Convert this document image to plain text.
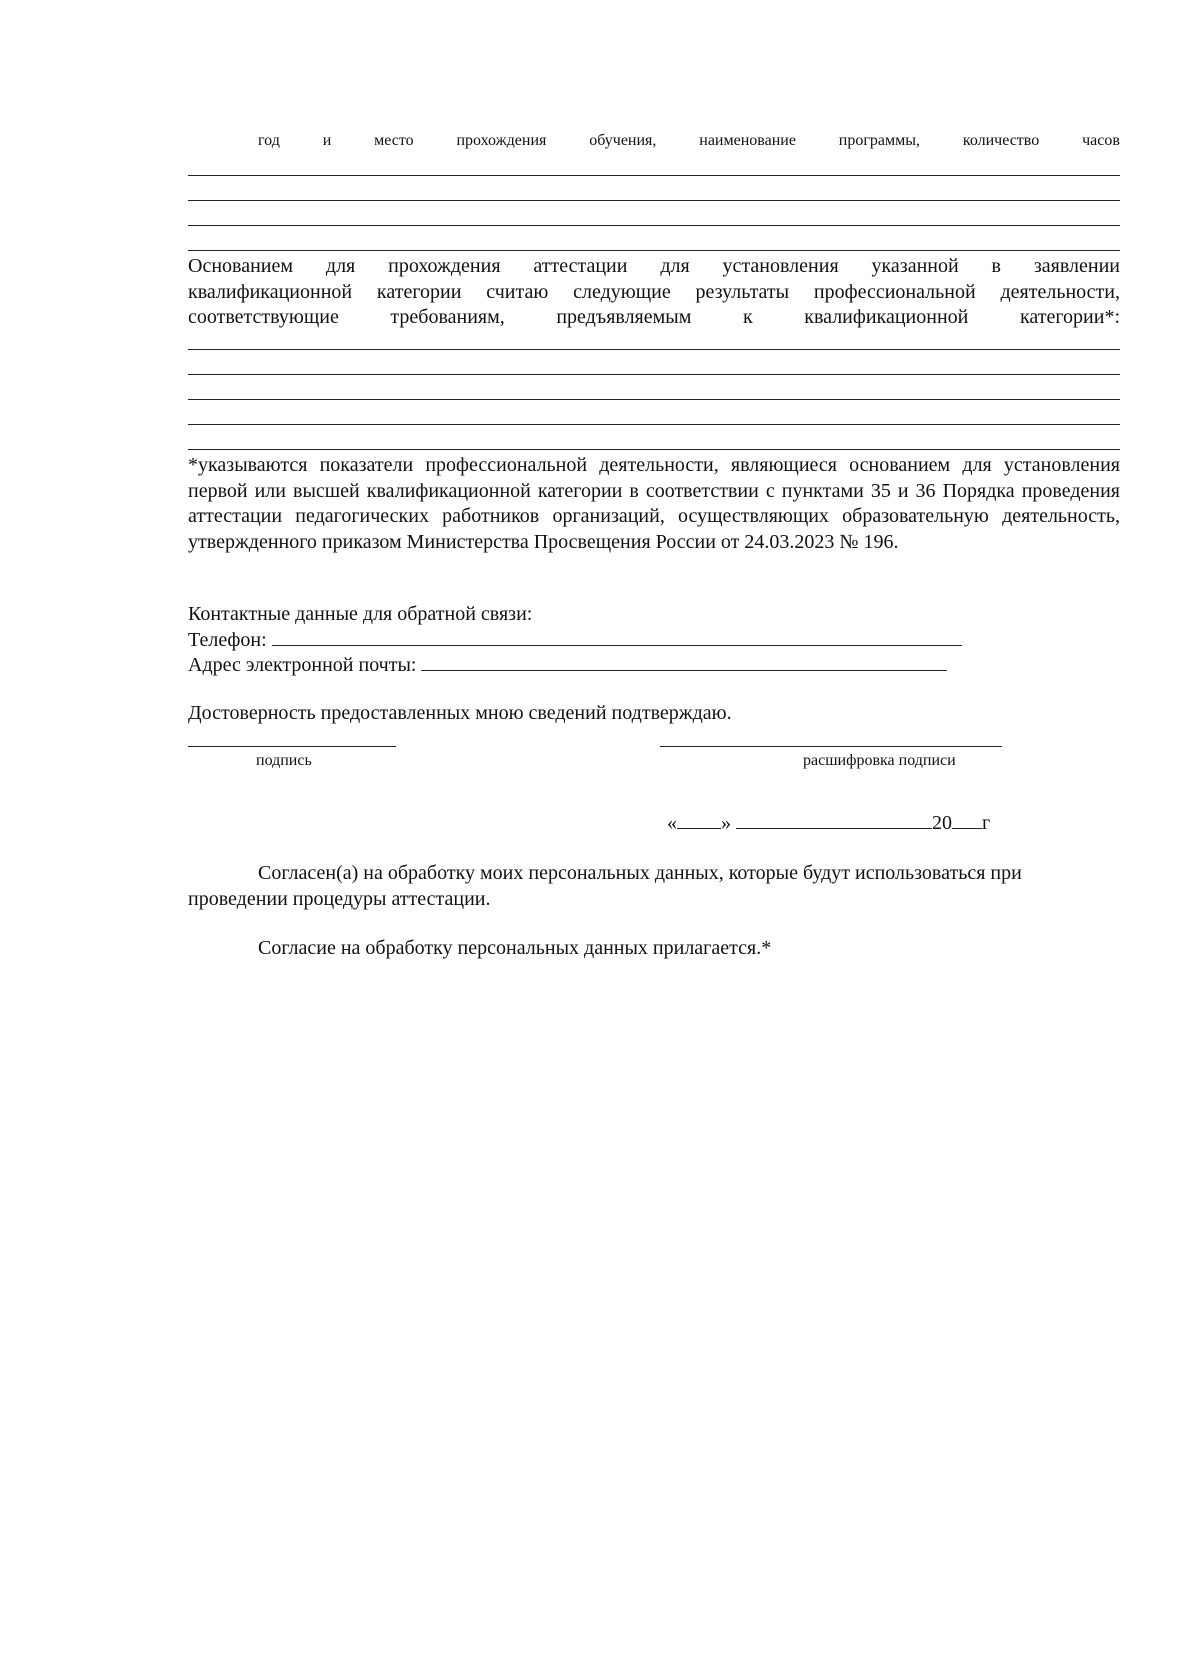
год	и	место	прохождения	обучения,	наименование	программы,	количество	часов
Основанием для прохождения аттестации для установления указанной в заявлении
квалификационной категории считаю следующие результаты профессиональной деятельности,
соответствующие требованиям, предъявляемым к квалификационной категории*:
*указываются показатели профессиональной деятельности, являющиеся основанием для установления первой или высшей квалификационной категории в соответствии с пунктами 35 и 36 Порядка проведения аттестации педагогических работников организаций, осуществляющих образовательную деятельность, утвержденного приказом Министерства Просвещения России от 24.03.2023 № 196.
Контактные данные для обратной связи:
Телефон:
Адрес электронной почты:
Достоверность предоставленных мною сведений подтверждаю.
подпись	расшифровка подписи
« »	20 г
Согласен(а) на обработку моих персональных данных, которые будут использоваться при проведении процедуры аттестации.
Согласие на обработку персональных данных прилагается.*
